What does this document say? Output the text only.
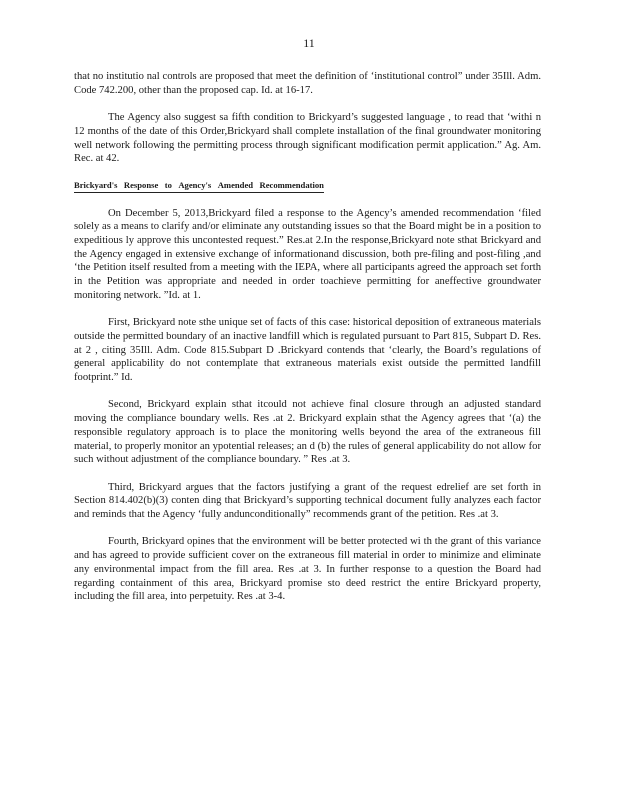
11

that no institutio nal controls are proposed that meet the definition of ‘institutional control” under 35Ill. Adm. Code 742.200, other than the proposed cap. Id. at 16-17.

The Agency also suggest sa fifth condition to Brickyard’s suggested language , to read that ‘withi n 12 months of the date of this Order,Brickyard shall complete installation of the final groundwater monitoring well network following the permitting process through significant modification permit application.” Ag. Am. Rec. at 42.

Brickyard's Response to Agency's Amended Recommendation

On December 5, 2013,Brickyard filed a response to the Agency’s amended recommendation ‘filed solely as a means to clarify and/or eliminate any outstanding issues so that the Board might be in a position to expeditious ly approve this uncontested request.” Res.at 2.In the response,Brickyard note sthat Brickyard and the Agency engaged in extensive exchange of informationand discussion, both pre-filing and post-filing ,and ‘the Petition itself resulted from a meeting with the IEPA, where all participants agreed the approach set forth in the Petition was appropriate and needed in order toachieve permitting for aneffective groundwater monitoring network. ”Id. at 1.

First, Brickyard note sthe unique set of facts of this case: historical deposition of extraneous materials outside the permitted boundary of an inactive landfill which is regulated pursuant to Part 815, Subpart D. Res. at 2 , citing 35Ill. Adm. Code 815.Subpart D .Brickyard contends that ‘clearly, the Board’s regulations of general applicability do not contemplate that extraneous materials exist outside the permitted landfill footprint.” Id.

Second, Brickyard explain sthat itcould not achieve final closure through an adjusted standard moving the compliance boundary wells. Res .at 2. Brickyard explain sthat the Agency agrees that ‘(a) the responsible regulatory approach is to place the monitoring wells beyond the area of the extraneous fill material, to properly monitor an ypotential releases; an d (b) the rules of general applicability do not allow for such without adjustment of the compliance boundary. ” Res .at 3.

Third, Brickyard argues that the factors justifying a grant of the request edrelief are set forth in Section 814.402(b)(3) conten ding that Brickyard’s supporting technical document fully analyzes each factor and reminds that the Agency ‘fully andunconditionally” recommends grant of the petition. Res .at 3.

Fourth, Brickyard opines that the environment will be better protected wi th the grant of this variance and has agreed to provide sufficient cover on the extraneous fill material in order to minimize and eliminate any environmental impact from the fill area. Res .at 3. In further response to a question the Board had regarding containment of this area, Brickyard promise sto deed restrict the entire Brickyard property, including the fill area, into perpetuity. Res .at 3-4.
